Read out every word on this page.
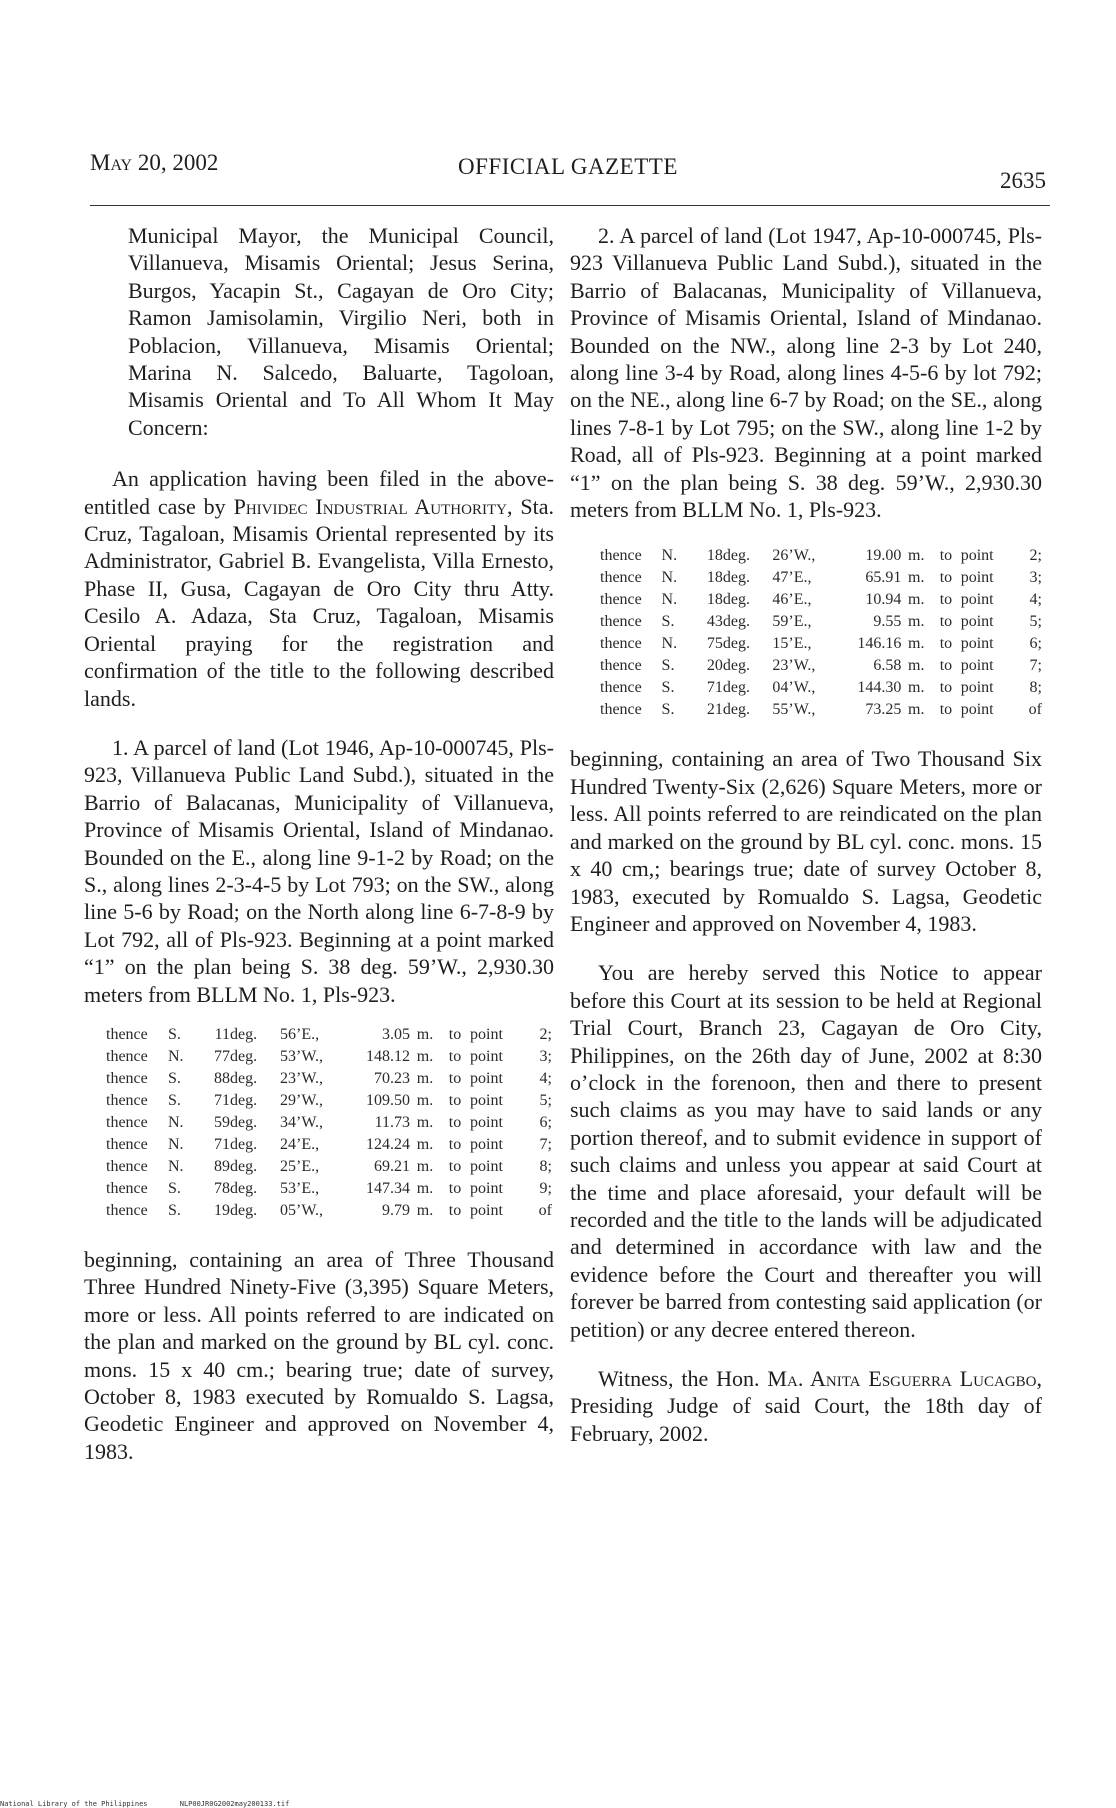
May 20, 2002	OFFICIAL GAZETTE
2635

Municipal Mayor, the Municipal Council, Villanueva, Misamis Oriental; Jesus Serina, Burgos, Yacapin St., Cagayan de Oro City; Ramon Jamisolamin, Virgilio Neri, both in Poblacion, Villanueva, Misamis Oriental; Marina N. Salcedo, Baluarte, Tagoloan, Misamis Oriental and To All Whom It May Concern:

An application having been filed in the above-entitled case by Phividec Industrial Authority, Sta. Cruz, Tagaloan, Misamis Oriental represented by its Administrator, Gabriel B. Evangelista, Villa Ernesto, Phase II, Gusa, Cagayan de Oro City thru Atty. Cesilo A. Adaza, Sta Cruz, Tagaloan, Misamis Oriental praying for the registration and confirmation of the title to the following described lands.

1. A parcel of land (Lot 1946, Ap-10-000745, Pls-923, Villanueva Public Land Subd.), situated in the Barrio of Balacanas, Municipality of Villanueva, Province of Misamis Oriental, Island of Mindanao. Bounded on the E., along line 9-1-2 by Road; on the S., along lines 2-3-4-5 by Lot 793; on the SW., along line 5-6 by Road; on the North along line 6-7-8-9 by Lot 792, all of Pls-923. Beginning at a point marked “1” on the plan being S. 38 deg. 59’W., 2,930.30 meters from BLLM No. 1, Pls-923.

thence	S.	11	deg.	56’E.,	3.05	m.	to	point	2;
thence	N.	77	deg.	53’W.,	148.12	m.	to	point	3;
thence	S.	88	deg.	23’W.,	70.23	m.	to	point	4;
thence	S.	71	deg.	29’W.,	109.50	m.	to	point	5;
thence	N.	59	deg.	34’W.,	11.73	m.	to	point	6;
thence	N.	71	deg.	24’E.,	124.24	m.	to	point	7;
thence	N.	89	deg.	25’E.,	69.21	m.	to	point	8;
thence	S.	78	deg.	53’E.,	147.34	m.	to	point	9;
thence	S.	19	deg.	05’W.,	9.79	m.	to	point	of

beginning, containing an area of Three Thousand Three Hundred Ninety-Five (3,395) Square Meters, more or less. All points referred to are indicated on the plan and marked on the ground by BL cyl. conc. mons. 15 x 40 cm.; bearing true; date of survey, October 8, 1983 executed by Romualdo S. Lagsa, Geodetic Engineer and approved on November 4, 1983.

2. A parcel of land (Lot 1947, Ap-10-000745, Pls-923 Villanueva Public Land Subd.), situated in the Barrio of Balacanas, Municipality of Villanueva, Province of Misamis Oriental, Island of Mindanao. Bounded on the NW., along line 2-3 by Lot 240, along line 3-4 by Road, along lines 4-5-6 by lot 792; on the NE., along line 6-7 by Road; on the SE., along lines 7-8-1 by Lot 795; on the SW., along line 1-2 by Road, all of Pls-923. Beginning at a point marked “1” on the plan being S. 38 deg. 59’W., 2,930.30 meters from BLLM No. 1, Pls-923.

thence	N.	18	deg.	26’W.,	19.00	m.	to	point	2;
thence	N.	18	deg.	47’E.,	65.91	m.	to	point	3;
thence	N.	18	deg.	46’E.,	10.94	m.	to	point	4;
thence	S.	43	deg.	59’E.,	9.55	m.	to	point	5;
thence	N.	75	deg.	15’E.,	146.16	m.	to	point	6;
thence	S.	20	deg.	23’W.,	6.58	m.	to	point	7;
thence	S.	71	deg.	04’W.,	144.30	m.	to	point	8;
thence	S.	21	deg.	55’W.,	73.25	m.	to	point	of

beginning, containing an area of Two Thousand Six Hundred Twenty-Six (2,626) Square Meters, more or less. All points referred to are reindicated on the plan and marked on the ground by BL cyl. conc. mons. 15 x 40 cm,; bearings true; date of survey October 8, 1983, executed by Romualdo S. Lagsa, Geodetic Engineer and approved on November 4, 1983.

You are hereby served this Notice to appear before this Court at its session to be held at Regional Trial Court, Branch 23, Cagayan de Oro City, Philippines, on the 26th day of June, 2002 at 8:30 o’clock in the forenoon, then and there to present such claims as you may have to said lands or any portion thereof, and to submit evidence in support of such claims and unless you appear at said Court at the time and place aforesaid, your default will be recorded and the title to the lands will be adjudicated and determined in accordance with law and the evidence before the Court and thereafter you will forever be barred from contesting said application (or petition) or any decree entered thereon.

Witness, the Hon. Ma. Anita Esguerra Lucagbo, Presiding Judge of said Court, the 18th day of February, 2002.

National Library of the Philippines	NLP00JR0G2002may200133.tif
